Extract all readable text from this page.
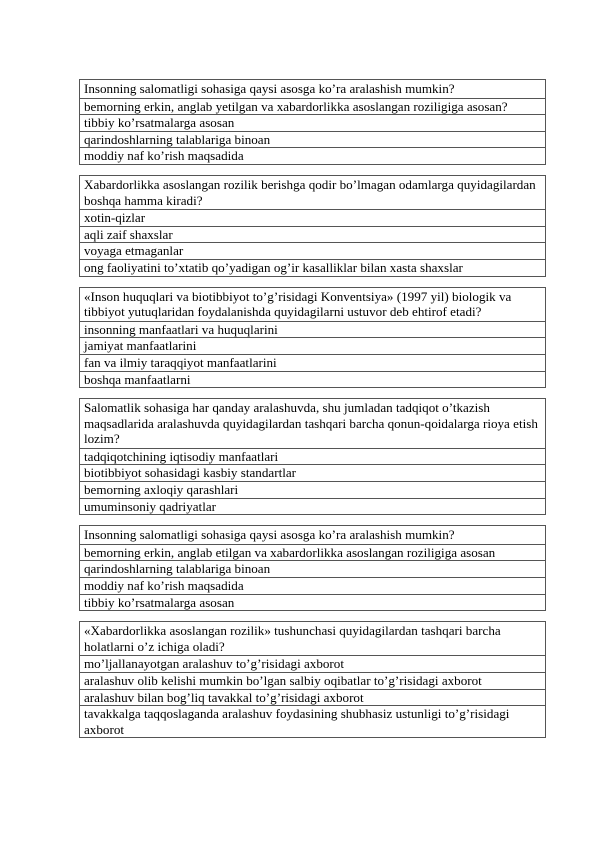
Insonning salomatligi sohasiga qaysi asosga ko’ra aralashish mumkin?
bemorning erkin, anglab yetilgan va xabardorlikka asoslangan roziligiga asosan?
tibbiy ko’rsatmalarga asosan
qarindoshlarning talablariga binoan
moddiy naf ko’rish maqsadida
Xabardorlikka asoslangan rozilik berishga qodir bo’lmagan odamlarga quyidagilardan boshqa hamma kiradi?
xotin-qizlar
aqli zaif shaxslar
voyaga etmaganlar
ong faoliyatini to’xtatib qo’yadigan og’ir kasalliklar bilan xasta shaxslar
«Inson huquqlari va biotibbiyot to’g’risidagi Konventsiya» (1997 yil) biologik va tibbiyot yutuqlaridan foydalanishda quyidagilarni ustuvor deb ehtirof etadi?
insonning manfaatlari va huquqlarini
jamiyat manfaatlarini
fan va ilmiy taraqqiyot manfaatlarini
boshqa manfaatlarni
Salomatlik sohasiga har qanday aralashuvda, shu jumladan tadqiqot o’tkazish maqsadlarida aralashuvda quyidagilardan tashqari barcha qonun-qoidalarga rioya etish lozim?
tadqiqotchining iqtisodiy manfaatlari
biotibbiyot sohasidagi kasbiy standartlar
bemorning axloqiy qarashlari
umuminsoniy qadriyatlar
Insonning salomatligi sohasiga qaysi asosga ko’ra aralashish mumkin?
bemorning erkin, anglab etilgan va xabardorlikka asoslangan roziligiga asosan
qarindoshlarning talablariga binoan
moddiy naf ko’rish maqsadida
tibbiy ko’rsatmalarga asosan
«Xabardorlikka asoslangan rozilik» tushunchasi quyidagilardan tashqari barcha holatlarni o’z ichiga oladi?
mo’ljallanayotgan aralashuv to’g’risidagi axborot
aralashuv olib kelishi mumkin bo’lgan salbiy oqibatlar to’g’risidagi axborot
aralashuv bilan bog’liq tavakkal to’g’risidagi axborot
tavakkalga taqqoslaganda aralashuv foydasining shubhasiz ustunligi to’g’risidagi axborot
